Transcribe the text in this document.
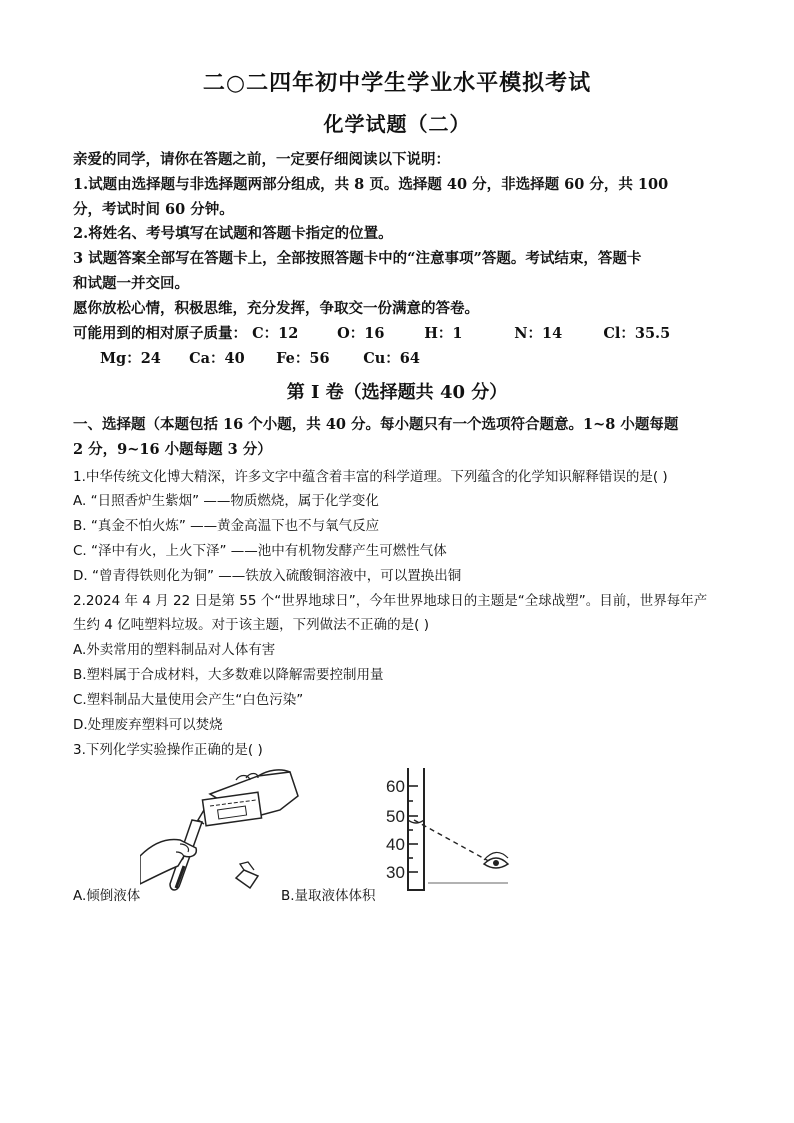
二○二四年初中学生学业水平模拟考试
化学试题（二）
亲爱的同学，请你在答题之前，一定要仔细阅读以下说明：
1.试题由选择题与非选择题两部分组成，共 8 页。选择题 40 分，非选择题 60 分，共 100
分，考试时间 60 分钟。
2.将姓名、考号填写在试题和答题卡指定的位置。
3 试题答案全部写在答题卡上，全部按照答题卡中的“注意事项”答题。考试结束，答题卡
和试题一并交回。
愿你放松心情，积极思维，充分发挥，争取交一份满意的答卷。
可能用到的相对原子质量： C：12	O：16	H：1	N：14	Cl：35.5
Mg：24 Ca：40 Fe：56 Cu：64
第 I 卷（选择题共 40 分）
一、选择题（本题包括 16 个小题，共 40 分。每小题只有一个选项符合题意。1~8 小题每题
2 分，9~16 小题每题 3 分）
1.中华传统文化博大精深，许多文字中蕴含着丰富的科学道理。下列蕴含的化学知识解释错误的是( )
A. “日照香炉生紫烟” ——物质燃烧，属于化学变化
B. “真金不怕火炼” ——黄金高温下也不与氧气反应
C. “泽中有火，上火下泽” ——池中有机物发酵产生可燃性气体
D. “曾青得铁则化为铜” ——铁放入硫酸铜溶液中，可以置换出铜
2.2024 年 4 月 22 日是第 55 个“世界地球日”，今年世界地球日的主题是“全球战塑”。目前，世界每年产
生约 4 亿吨塑料垃圾。对于该主题，下列做法不正确的是( )
A.外卖常用的塑料制品对人体有害
B.塑料属于合成材料，大多数难以降解需要控制用量
C.塑料制品大量使用会产生“白色污染”
D.处理废弃塑料可以焚烧
3.下列化学实验操作正确的是( )
60
50
40
30
A.倾倒液体	B.量取液体体积
